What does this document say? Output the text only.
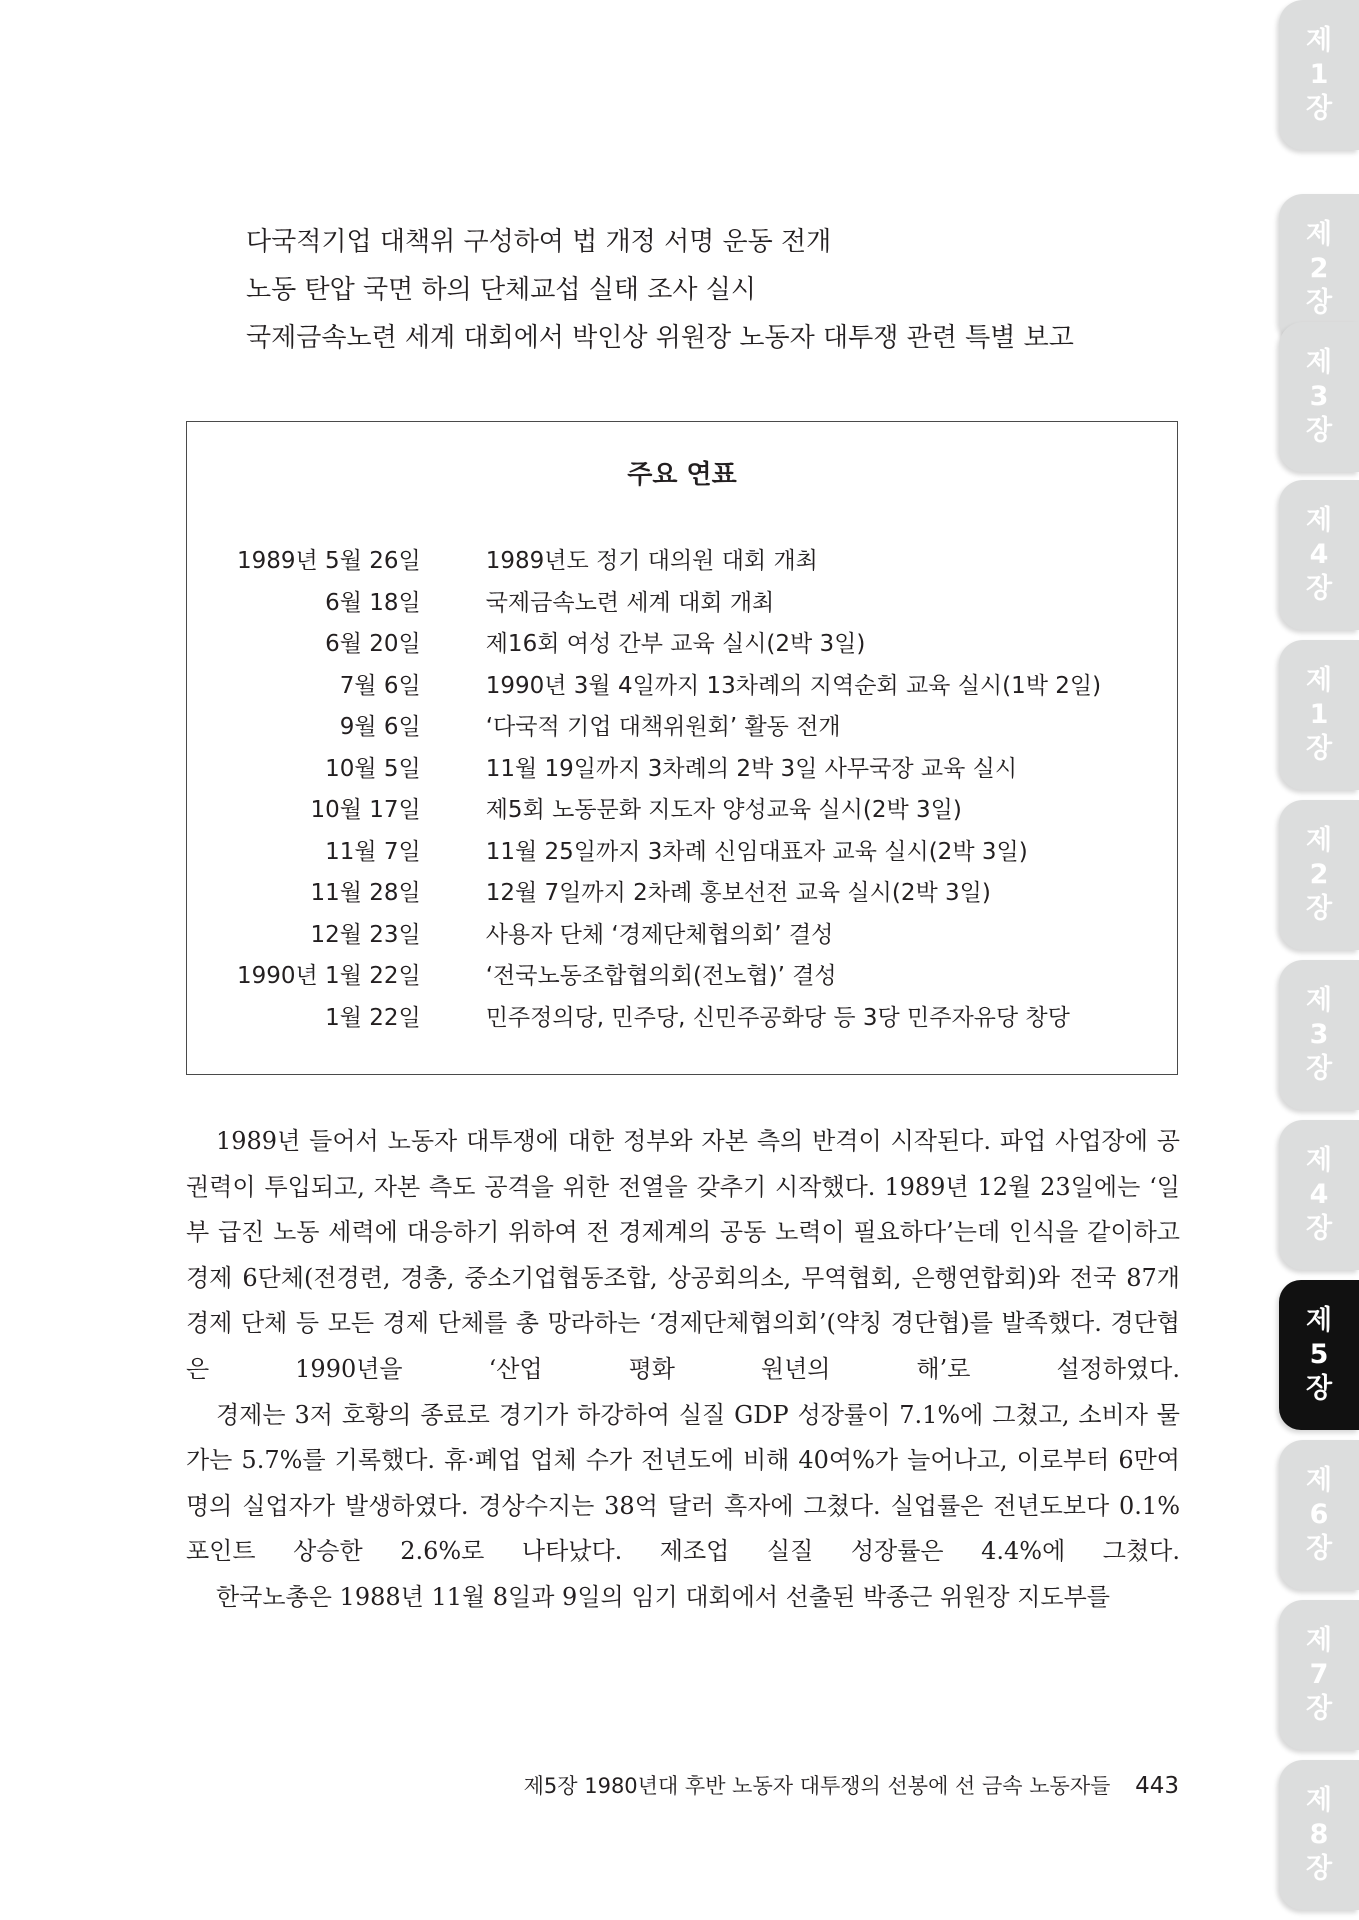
다국적기업 대책위 구성하여 법 개정 서명 운동 전개
노동 탄압 국면 하의 단체교섭 실태 조사 실시
국제금속노련 세계 대회에서 박인상 위원장 노동자 대투쟁 관련 특별 보고
주요 연표
1989년 5월 26일	1989년도 정기 대의원 대회 개최
6월 18일	국제금속노련 세계 대회 개최
6월 20일	제16회 여성 간부 교육 실시(2박 3일)
7월 6일	1990년 3월 4일까지 13차례의 지역순회 교육 실시(1박 2일)
9월 6일	‘다국적 기업 대책위원회’ 활동 전개
10월 5일	11월 19일까지 3차례의 2박 3일 사무국장 교육 실시
10월 17일	제5회 노동문화 지도자 양성교육 실시(2박 3일)
11월 7일	11월 25일까지 3차례 신임대표자 교육 실시(2박 3일)
11월 28일	12월 7일까지 2차례 홍보선전 교육 실시(2박 3일)
12월 23일	사용자 단체 ‘경제단체협의회’ 결성
1990년 1월 22일	‘전국노동조합협의회(전노협)’ 결성
1월 22일	민주정의당, 민주당, 신민주공화당 등 3당 민주자유당 창당

1989년 들어서 노동자 대투쟁에 대한 정부와 자본 측의 반격이 시작된다. 파업 사업장에 공권력이 투입되고, 자본 측도 공격을 위한 전열을 갖추기 시작했다. 1989년 12월 23일에는 ‘일부 급진 노동 세력에 대응하기 위하여 전 경제계의 공동 노력이 필요하다’는데 인식을 같이하고 경제 6단체(전경련, 경총, 중소기업협동조합, 상공회의소, 무역협회, 은행연합회)와 전국 87개 경제 단체 등 모든 경제 단체를 총 망라하는 ‘경제단체협의회’(약칭 경단협)를 발족했다. 경단협은 1990년을 ‘산업 평화 원년의 해’로 설정하였다.

경제는 3저 호황의 종료로 경기가 하강하여 실질 GDP 성장률이 7.1%에 그쳤고, 소비자 물가는 5.7%를 기록했다. 휴·폐업 업체 수가 전년도에 비해 40여%가 늘어나고, 이로부터 6만여 명의 실업자가 발생하였다. 경상수지는 38억 달러 흑자에 그쳤다. 실업률은 전년도보다 0.1% 포인트 상승한 2.6%로 나타났다. 제조업 실질 성장률은 4.4%에 그쳤다.

한국노총은 1988년 11월 8일과 9일의 임기 대회에서 선출된 박종근 위원장 지도부를

제5장 1980년대 후반 노동자 대투쟁의 선봉에 선 금속 노동자들 443
제
1
장
제
2
장
제
3
장
제
4
장
제
1
장
제
2
장
제
3
장
제
4
장
제
5
장
제
6
장
제
7
장
제
8
장
